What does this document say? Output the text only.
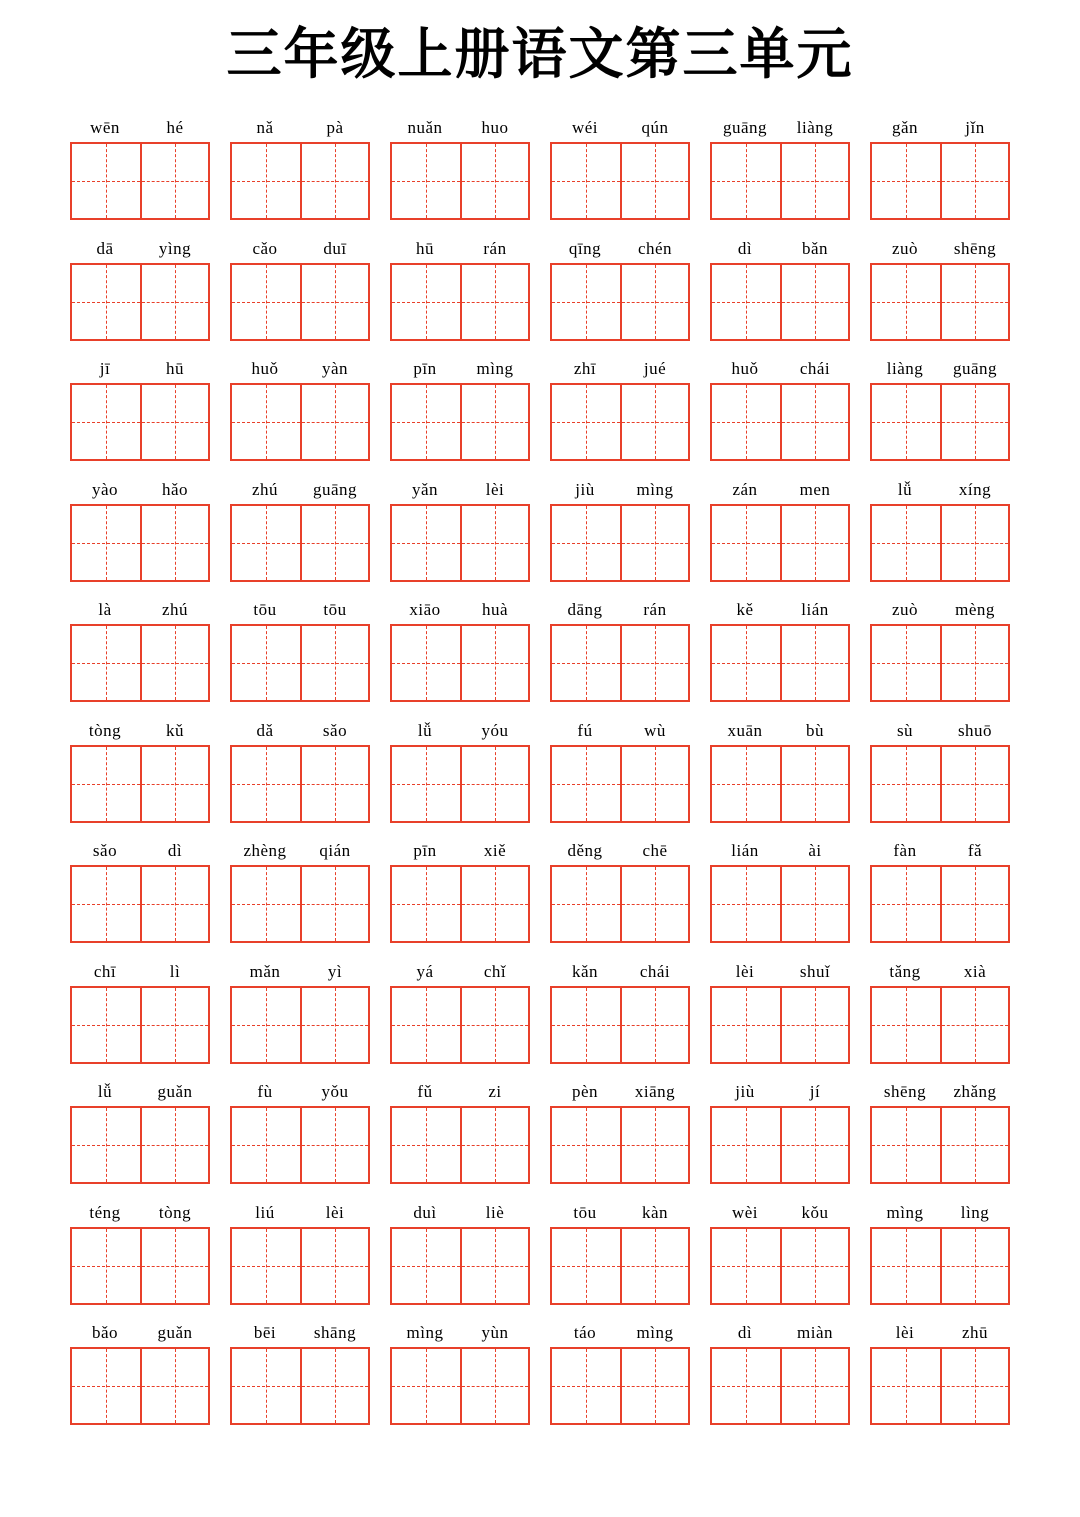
三年级上册语文第三单元
wēn	hé	nǎ	pà	nuǎn	huo	wéi	qún	guāng	liàng	gǎn	jǐn
dā	yìng	cǎo	duī	hū	rán	qīng	chén	dì	bǎn	zuò	shēng
jī	hū	huǒ	yàn	pīn	mìng	zhī	jué	huǒ	chái	liàng	guāng
yào	hǎo	zhú	guāng	yǎn	lèi	jiù	mìng	zán	men	lǚ	xíng
là	zhú	tōu	tōu	xiāo	huà	dāng	rán	kě	lián	zuò	mèng
tòng	kǔ	dǎ	sǎo	lǚ	yóu	fú	wù	xuān	bù	sù	shuō
sǎo	dì	zhèng	qián	pīn	xiě	děng	chē	lián	ài	fàn	fǎ
chī	lì	mǎn	yì	yá	chǐ	kǎn	chái	lèi	shuǐ	tǎng	xià
lǚ	guǎn	fù	yǒu	fǔ	zi	pèn	xiāng	jiù	jí	shēng	zhǎng
téng	tòng	liú	lèi	duì	liè	tōu	kàn	wèi	kǒu	mìng	lìng
bǎo	guǎn	bēi	shāng	mìng	yùn	táo	mìng	dì	miàn	lèi	zhū
